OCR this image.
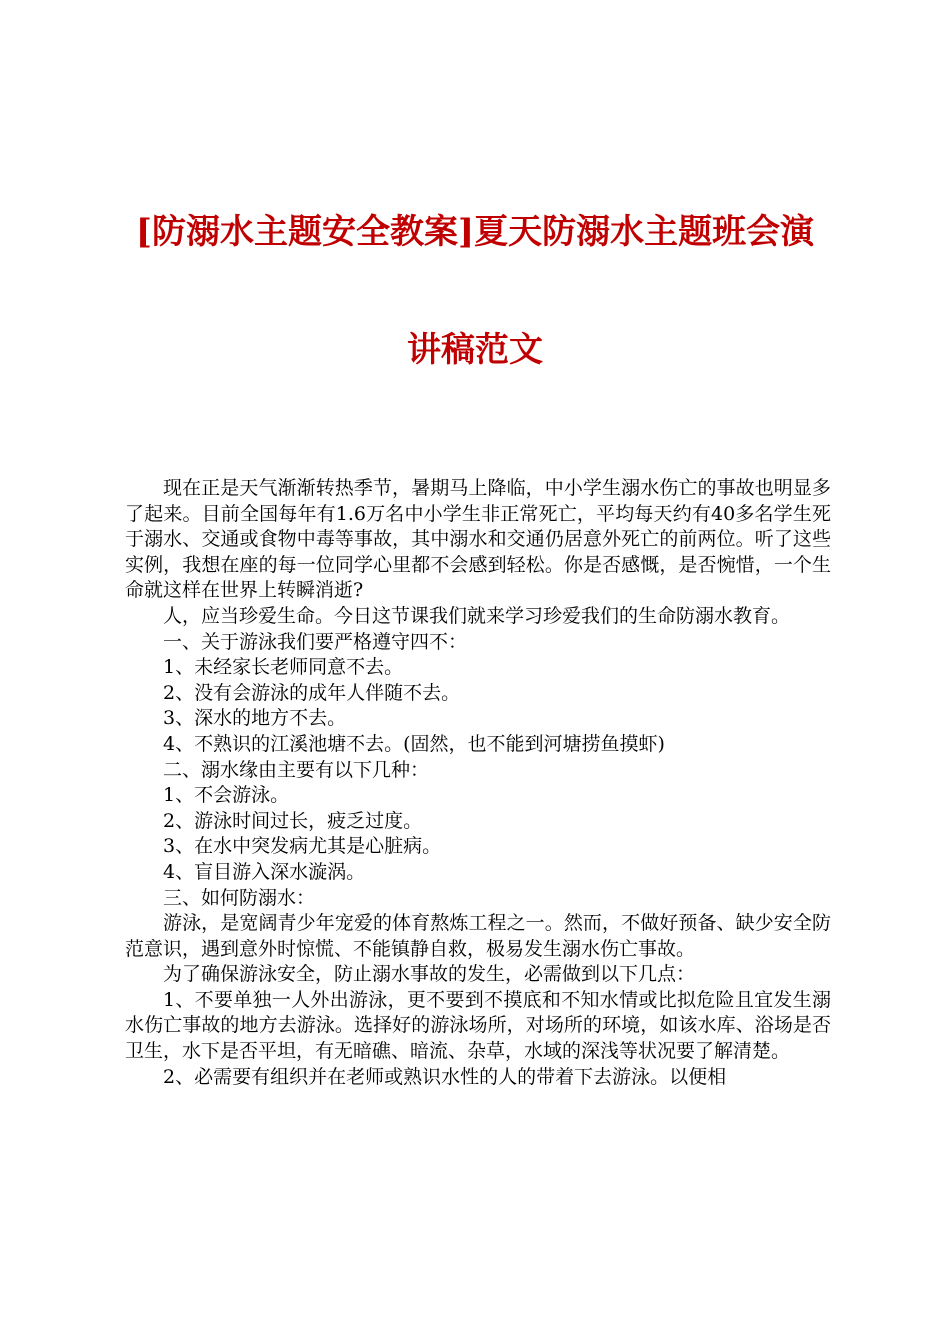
[防溺水主题安全教案]夏天防溺水主题班会演
讲稿范文

现在正是天气渐渐转热季节，暑期马上降临，中小学生溺水伤亡的事故也明显多了起来。目前全国每年有1.6万名中小学生非正常死亡，平均每天约有40多名学生死于溺水、交通或食物中毒等事故，其中溺水和交通仍居意外死亡的前两位。听了这些实例，我想在座的每一位同学心里都不会感到轻松。你是否感慨，是否惋惜，一个生命就这样在世界上转瞬消逝?

人，应当珍爱生命。今日这节课我们就来学习珍爱我们的生命防溺水教育。

一、关于游泳我们要严格遵守四不：

1、未经家长老师同意不去。

2、没有会游泳的成年人伴随不去。

3、深水的地方不去。

4、不熟识的江溪池塘不去。(固然，也不能到河塘捞鱼摸虾)

二、溺水缘由主要有以下几种：

1、不会游泳。

2、游泳时间过长，疲乏过度。

3、在水中突发病尤其是心脏病。

4、盲目游入深水漩涡。

三、如何防溺水：

游泳，是宽阔青少年宠爱的体育熬炼工程之一。然而，不做好预备、缺少安全防范意识，遇到意外时惊慌、不能镇静自救，极易发生溺水伤亡事故。

为了确保游泳安全，防止溺水事故的发生，必需做到以下几点：

1、不要单独一人外出游泳，更不要到不摸底和不知水情或比拟危险且宜发生溺水伤亡事故的地方去游泳。选择好的游泳场所，对场所的环境，如该水库、浴场是否卫生，水下是否平坦，有无暗礁、暗流、杂草，水域的深浅等状况要了解清楚。

2、必需要有组织并在老师或熟识水性的人的带着下去游泳。以便相
